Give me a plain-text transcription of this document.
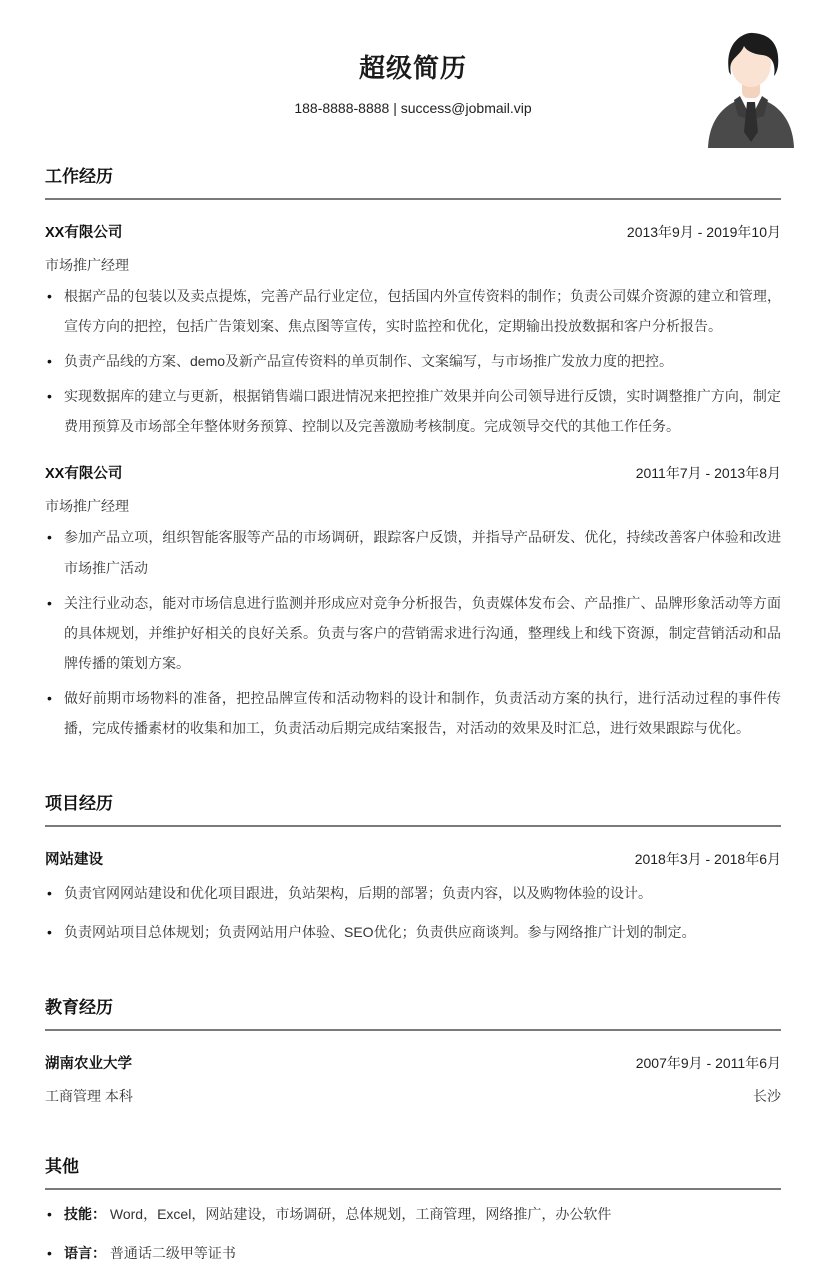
超级简历
188-8888-8888 | success@jobmail.vip
工作经历
XX有限公司	2013年9月 - 2019年10月
市场推广经理
• 根据产品的包装以及卖点提炼，完善产品行业定位，包括国内外宣传资料的制作；负责公司媒介资源的建立和管理，宣传方向的把控，包括广告策划案、焦点图等宣传，实时监控和优化，定期输出投放数据和客户分析报告。
• 负责产品线的方案、demo及新产品宣传资料的单页制作、文案编写，与市场推广发放力度的把控。
• 实现数据库的建立与更新，根据销售端口跟进情况来把控推广效果并向公司领导进行反馈，实时调整推广方向，制定费用预算及市场部全年整体财务预算、控制以及完善激励考核制度。完成领导交代的其他工作任务。
XX有限公司	2011年7月 - 2013年8月
市场推广经理
• 参加产品立项，组织智能客服等产品的市场调研，跟踪客户反馈，并指导产品研发、优化，持续改善客户体验和改进市场推广活动
• 关注行业动态，能对市场信息进行监测并形成应对竞争分析报告，负责媒体发布会、产品推广、品牌形象活动等方面的具体规划，并维护好相关的良好关系。负责与客户的营销需求进行沟通，整理线上和线下资源，制定营销活动和品牌传播的策划方案。
• 做好前期市场物料的准备，把控品牌宣传和活动物料的设计和制作，负责活动方案的执行，进行活动过程的事件传播，完成传播素材的收集和加工，负责活动后期完成结案报告，对活动的效果及时汇总，进行效果跟踪与优化。
项目经历
网站建设	2018年3月 - 2018年6月
• 负责官网网站建设和优化项目跟进，负站架构，后期的部署；负责内容，以及购物体验的设计。
• 负责网站项目总体规划；负责网站用户体验、SEO优化；负责供应商谈判。参与网络推广计划的制定。
教育经历
湖南农业大学	2007年9月 - 2011年6月
工商管理 本科	长沙
其他
• 技能： Word，Excel，网站建设，市场调研，总体规划，工商管理，网络推广，办公软件
• 语言： 普通话二级甲等证书
